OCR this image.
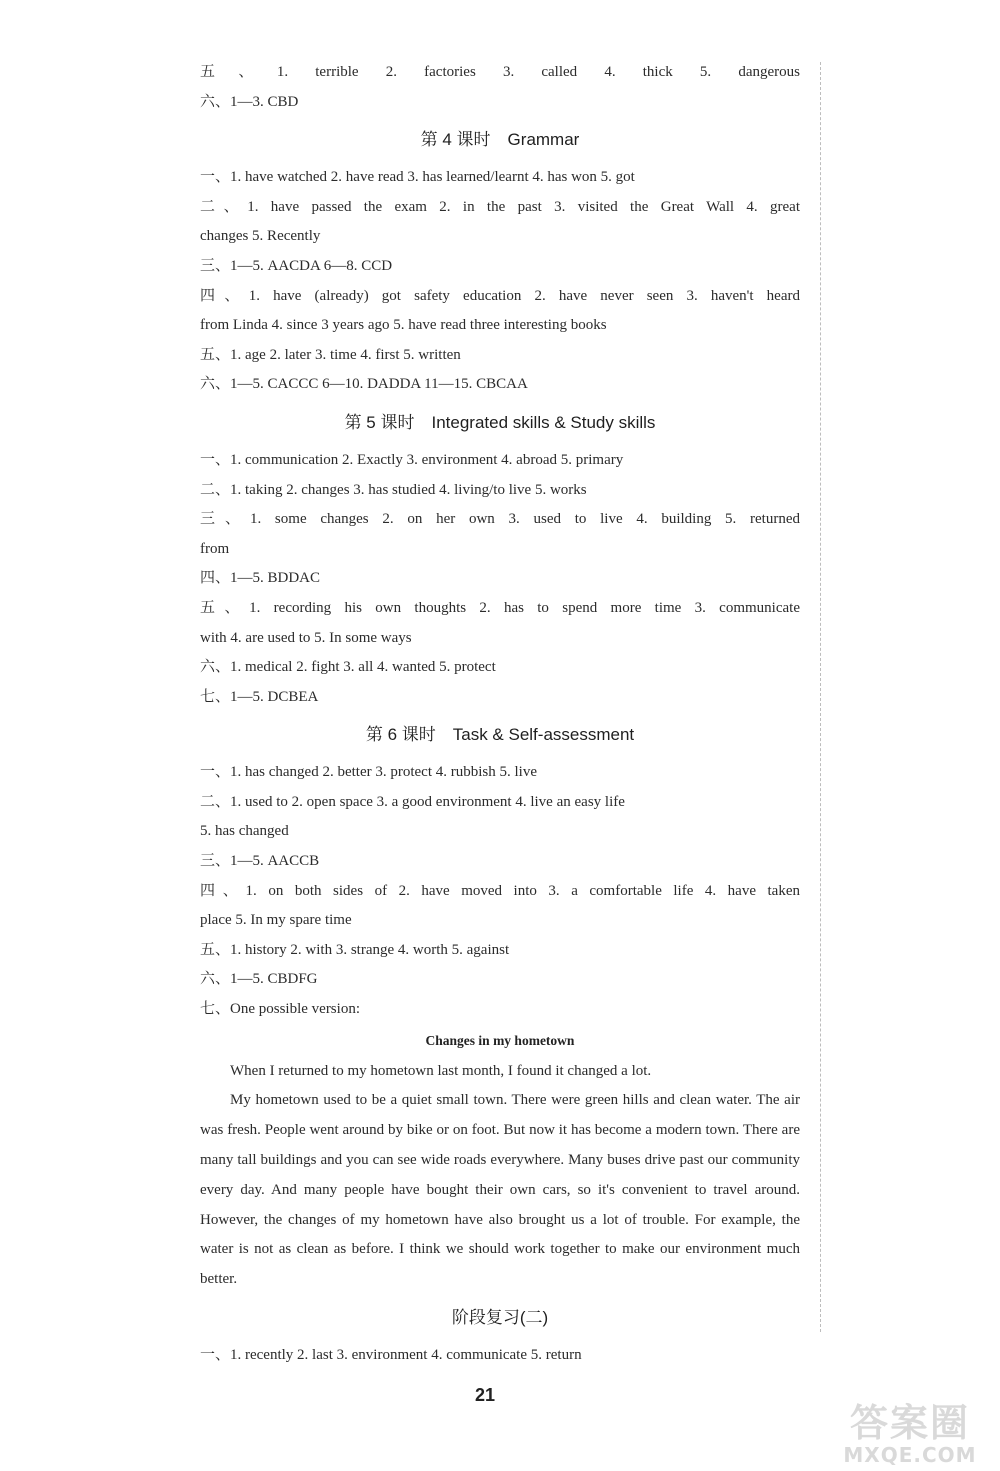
五、1. terrible 2. factories 3. called 4. thick 5. dangerous
六、1—3. CBD
第 4 课时　Grammar
一、1. have watched 2. have read 3. has learned/learnt 4. has won 5. got
二、1. have passed the exam 2. in the past 3. visited the Great Wall 4. great
changes 5. Recently
三、1—5. AACDA 6—8. CCD
四、1. have (already) got safety education 2. have never seen 3. haven't heard
from Linda 4. since 3 years ago 5. have read three interesting books
五、1. age 2. later 3. time 4. first 5. written
六、1—5. CACCC 6—10. DADDA 11—15. CBCAA
第 5 课时　Integrated skills & Study skills
一、1. communication 2. Exactly 3. environment 4. abroad 5. primary
二、1. taking 2. changes 3. has studied 4. living/to live 5. works
三、1. some changes 2. on her own 3. used to live 4. building 5. returned
from
四、1—5. BDDAC
五、1. recording his own thoughts 2. has to spend more time 3. communicate
with 4. are used to 5. In some ways
六、1. medical 2. fight 3. all 4. wanted 5. protect
七、1—5. DCBEA
第 6 课时　Task & Self-assessment
一、1. has changed 2. better 3. protect 4. rubbish 5. live
二、1. used to 2. open space 3. a good environment 4. live an easy life
5. has changed
三、1—5. AACCB
四、1. on both sides of 2. have moved into 3. a comfortable life 4. have taken
place 5. In my spare time
五、1. history 2. with 3. strange 4. worth 5. against
六、1—5. CBDFG
七、One possible version:
Changes in my hometown

When I returned to my hometown last month, I found it changed a lot.

My hometown used to be a quiet small town. There were green hills and clean water. The air was fresh. People went around by bike or on foot. But now it has become a modern town. There are many tall buildings and you can see wide roads everywhere. Many buses drive past our community every day. And many people have bought their own cars, so it's convenient to travel around. However, the changes of my hometown have also brought us a lot of trouble. For example, the water is not as clean as before. I think we should work together to make our environment much better.

阶段复习(二)
一、1. recently 2. last 3. environment 4. communicate 5. return
21
答案圈
MXQE.COM
